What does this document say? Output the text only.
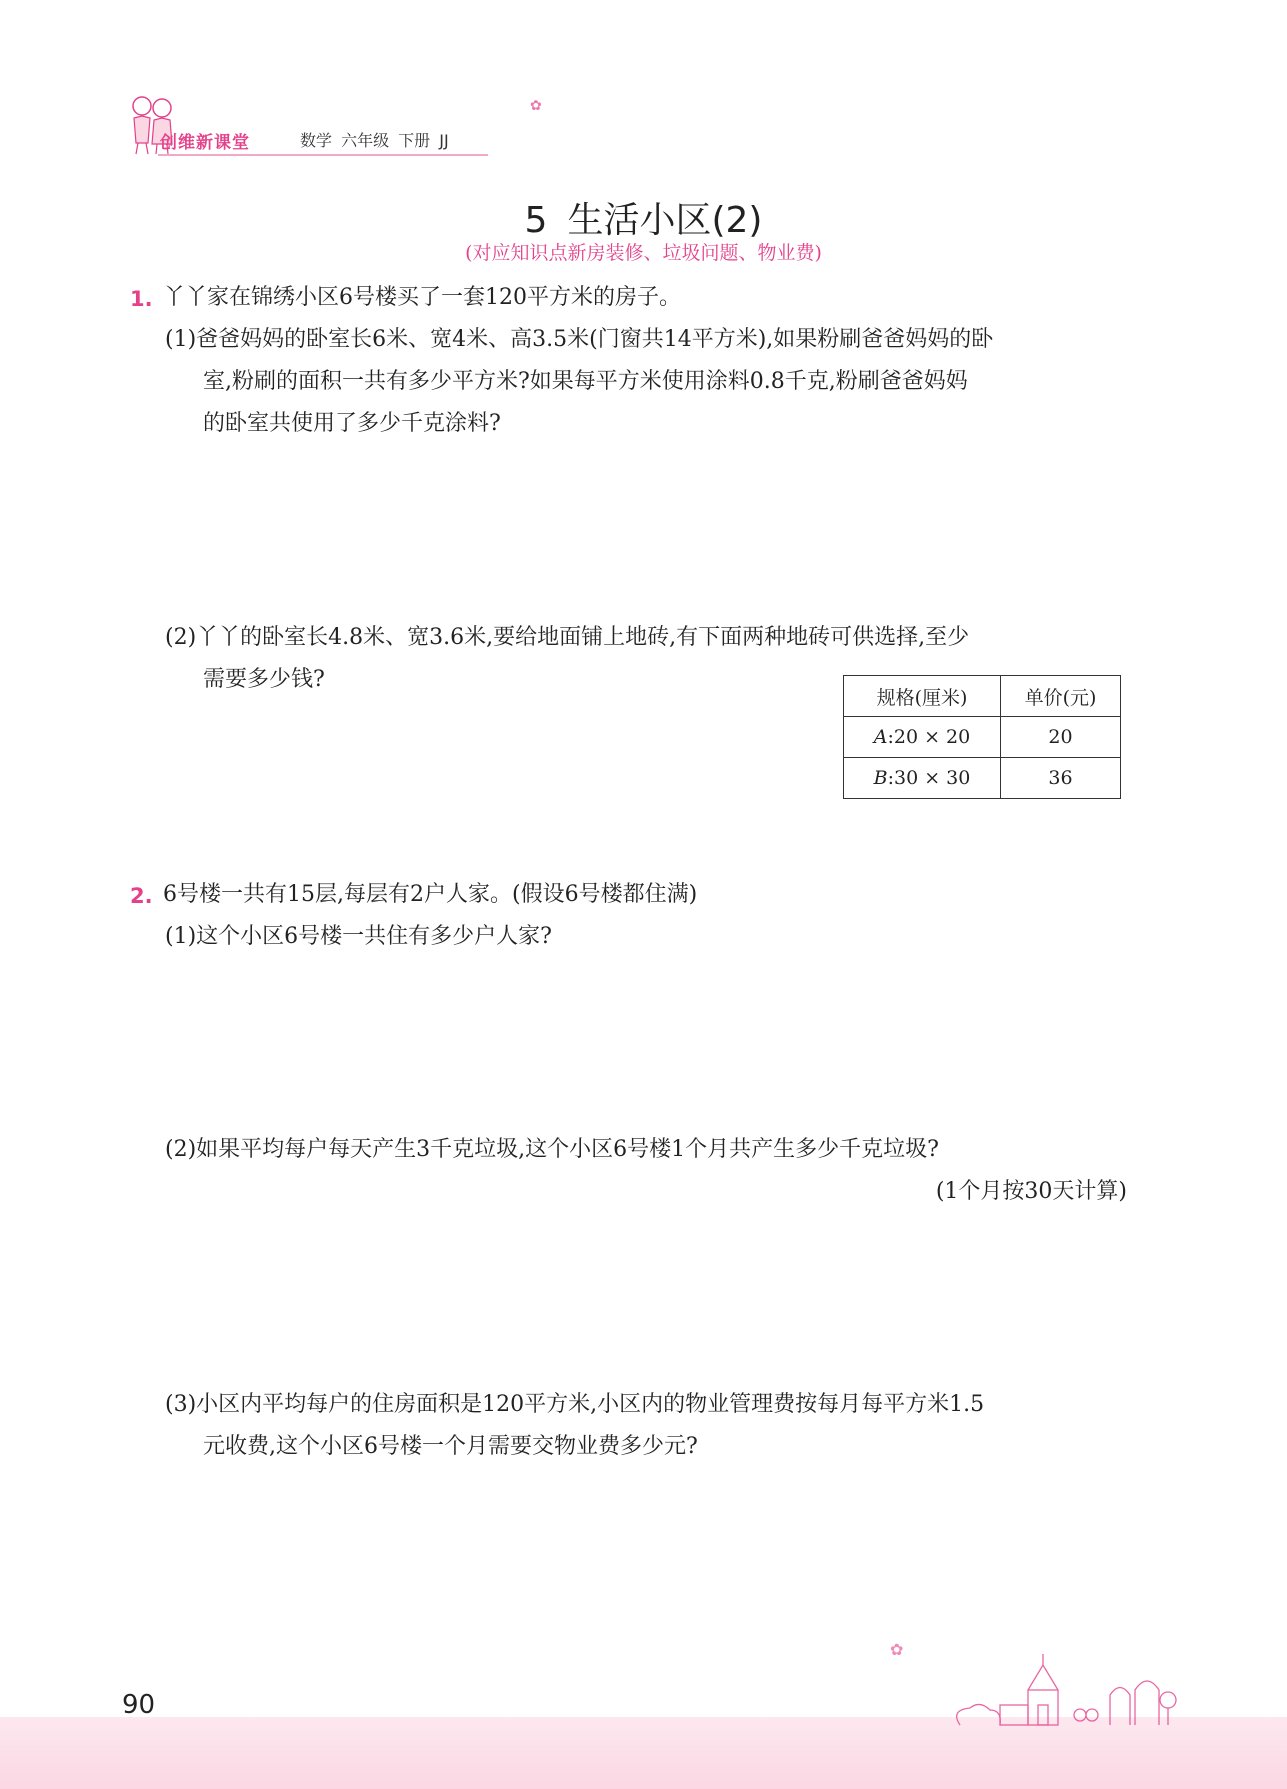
创维新课堂	数学 六年级 下册 JJ
✿
5 生活小区(2)
(对应知识点新房装修、垃圾问题、物业费)
1. 丫丫家在锦绣小区6号楼买了一套120平方米的房子。
(1)爸爸妈妈的卧室长6米、宽4米、高3.5米(门窗共14平方米),如果粉刷爸爸妈妈的卧
室,粉刷的面积一共有多少平方米?如果每平方米使用涂料0.8千克,粉刷爸爸妈妈
的卧室共使用了多少千克涂料?
(2)丫丫的卧室长4.8米、宽3.6米,要给地面铺上地砖,有下面两种地砖可供选择,至少
需要多少钱?
规格(厘米)	单价(元)
A:20 × 20	20
B:30 × 30	36
2. 6号楼一共有15层,每层有2户人家。(假设6号楼都住满)
(1)这个小区6号楼一共住有多少户人家?
(2)如果平均每户每天产生3千克垃圾,这个小区6号楼1个月共产生多少千克垃圾?
(1个月按30天计算)
(3)小区内平均每户的住房面积是120平方米,小区内的物业管理费按每月每平方米1.5
元收费,这个小区6号楼一个月需要交物业费多少元?
✿
90
